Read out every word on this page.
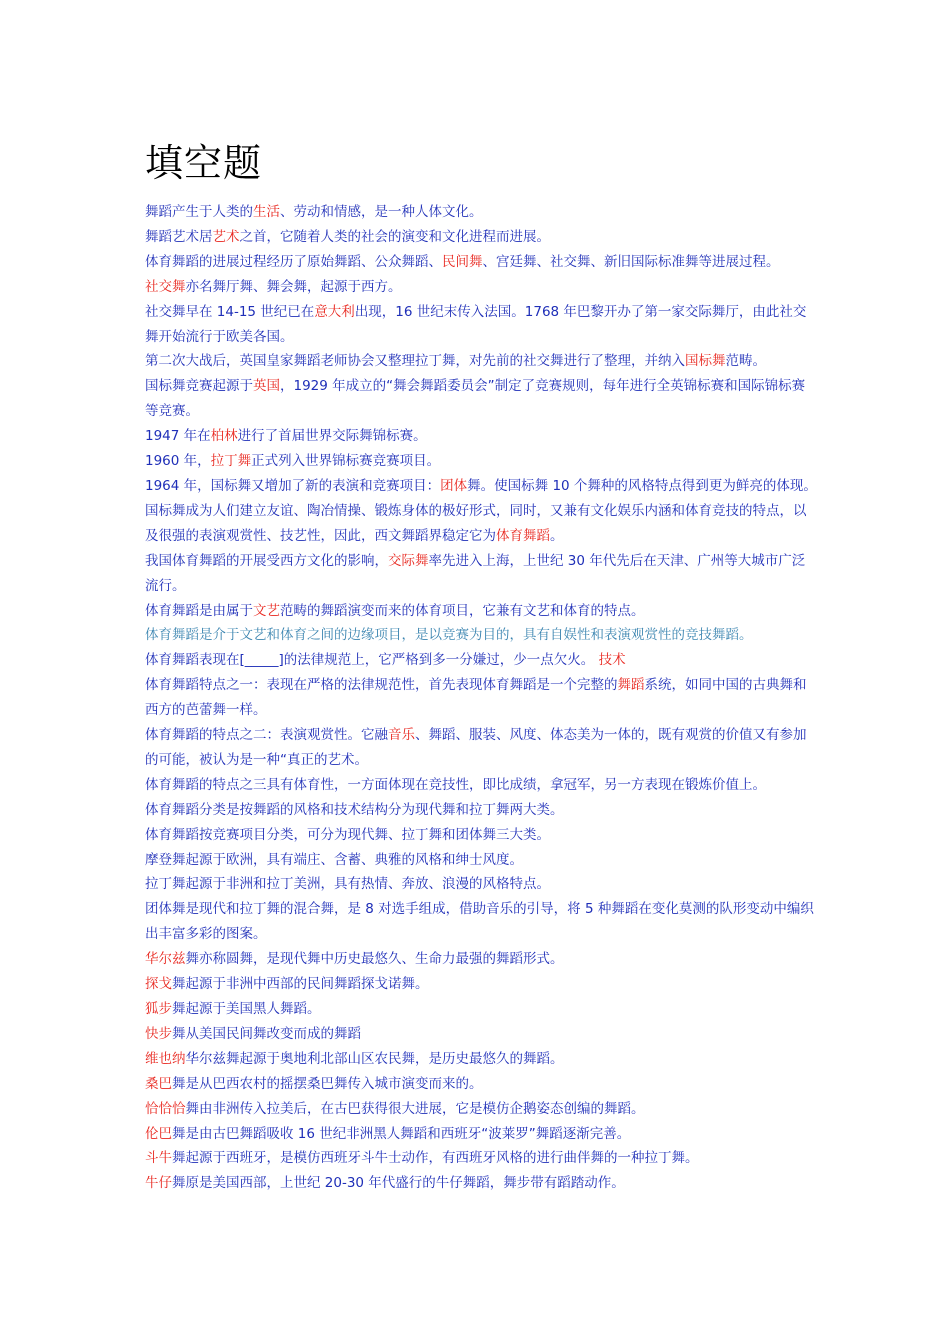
填空题
舞蹈产生于人类的生活、劳动和情感，是一种人体文化。
舞蹈艺术居艺术之首，它随着人类的社会的演变和文化进程而进展。
体育舞蹈的进展过程经历了原始舞蹈、公众舞蹈、民间舞、宫廷舞、社交舞、新旧国际标准舞等进展过程。
社交舞亦名舞厅舞、舞会舞，起源于西方。
社交舞早在 14-15 世纪已在意大利出现，16 世纪末传入法国。1768 年巴黎开办了第一家交际舞厅，由此社交舞开始流行于欧美各国。
第二次大战后，英国皇家舞蹈老师协会又整理拉丁舞，对先前的社交舞进行了整理，并纳入国标舞范畴。
国标舞竞赛起源于英国，1929 年成立的“舞会舞蹈委员会”制定了竞赛规则，每年进行全英锦标赛和国际锦标赛等竞赛。
1947 年在柏林进行了首届世界交际舞锦标赛。
1960 年，拉丁舞正式列入世界锦标赛竞赛项目。
1964 年，国标舞又增加了新的表演和竞赛项目：团体舞。使国标舞 10 个舞种的风格特点得到更为鲜亮的体现。
国标舞成为人们建立友谊、陶冶情操、锻炼身体的极好形式，同时，又兼有文化娱乐内涵和体育竞技的特点，以及很强的表演观赏性、技艺性，因此，西文舞蹈界稳定它为体育舞蹈。
我国体育舞蹈的开展受西方文化的影响，交际舞率先进入上海，上世纪 30 年代先后在天津、广州等大城市广泛流行。
体育舞蹈是由属于文艺范畴的舞蹈演变而来的体育项目，它兼有文艺和体育的特点。
体育舞蹈是介于文艺和体育之间的边缘项目，是以竞赛为目的，具有自娱性和表演观赏性的竞技舞蹈。
体育舞蹈表现在[_____]的法律规范上，它严格到多一分嫌过，少一点欠火。 技术
体育舞蹈特点之一：表现在严格的法律规范性，首先表现体育舞蹈是一个完整的舞蹈系统，如同中国的古典舞和西方的芭蕾舞一样。
体育舞蹈的特点之二：表演观赏性。它融音乐、舞蹈、服装、风度、体态美为一体的，既有观赏的价值又有参加的可能，被认为是一种“真正的艺术。
体育舞蹈的特点之三具有体育性，一方面体现在竞技性，即比成绩，拿冠军，另一方表现在锻炼价值上。
体育舞蹈分类是按舞蹈的风格和技术结构分为现代舞和拉丁舞两大类。
体育舞蹈按竞赛项目分类，可分为现代舞、拉丁舞和团体舞三大类。
摩登舞起源于欧洲，具有端庄、含蓄、典雅的风格和绅士风度。
拉丁舞起源于非洲和拉丁美洲，具有热情、奔放、浪漫的风格特点。
团体舞是现代和拉丁舞的混合舞，是 8 对选手组成，借助音乐的引导，将 5 种舞蹈在变化莫测的队形变动中编织出丰富多彩的图案。
华尔兹舞亦称圆舞，是现代舞中历史最悠久、生命力最强的舞蹈形式。
探戈舞起源于非洲中西部的民间舞蹈探戈诺舞。
狐步舞起源于美国黑人舞蹈。
快步舞从美国民间舞改变而成的舞蹈
维也纳华尔兹舞起源于奥地利北部山区农民舞，是历史最悠久的舞蹈。
桑巴舞是从巴西农村的摇摆桑巴舞传入城市演变而来的。
恰恰恰舞由非洲传入拉美后，在古巴获得很大进展，它是模仿企鹅姿态创编的舞蹈。
伦巴舞是由古巴舞蹈吸收 16 世纪非洲黑人舞蹈和西班牙“波莱罗”舞蹈逐渐完善。
斗牛舞起源于西班牙，是模仿西班牙斗牛士动作，有西班牙风格的进行曲伴舞的一种拉丁舞。
牛仔舞原是美国西部，上世纪 20-30 年代盛行的牛仔舞蹈，舞步带有蹈踏动作。
